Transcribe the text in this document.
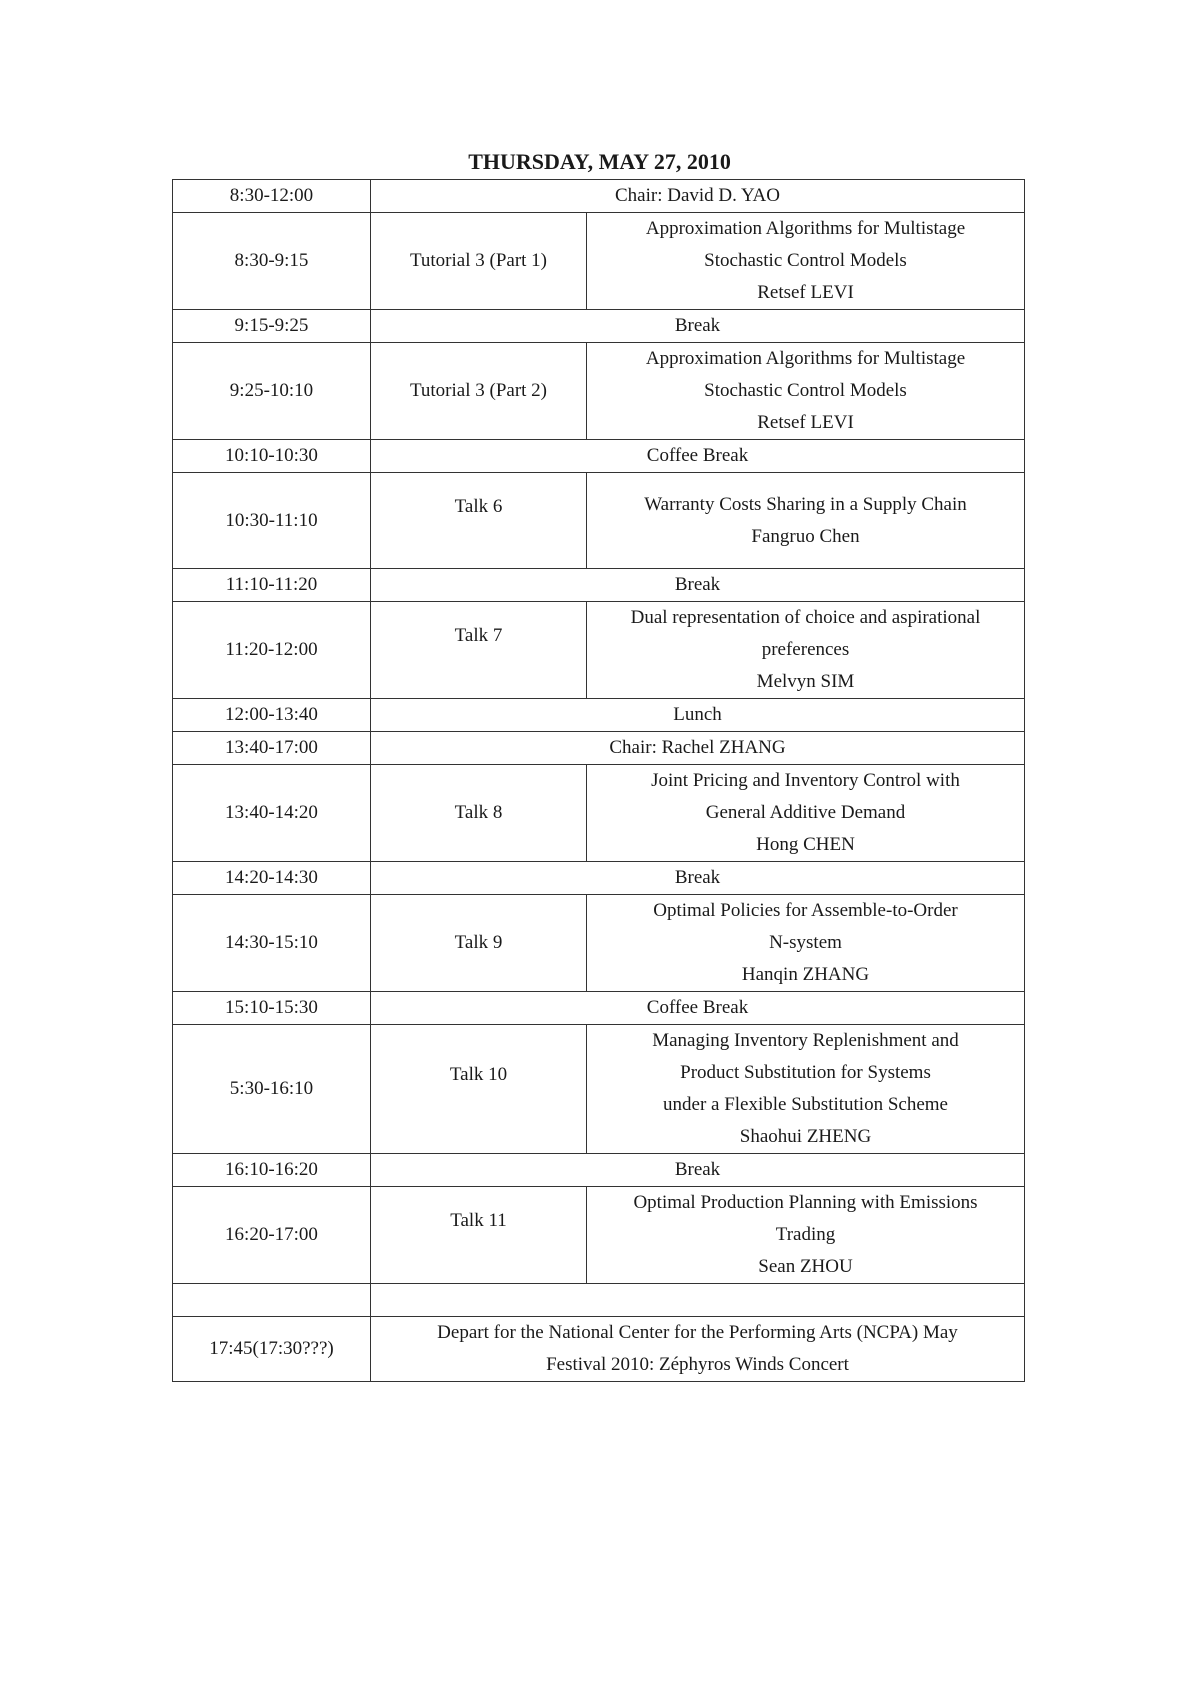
THURSDAY, MAY 27, 2010
8:30-12:00	Chair: David D. YAO	
8:30-9:15	Tutorial 3 (Part 1)	Approximation Algorithms for Multistage
Stochastic Control Models
Retsef LEVI

9:15-9:25	Break	
9:25-10:10	Tutorial 3 (Part 2)	Approximation Algorithms for Multistage
Stochastic Control Models
Retsef LEVI

10:10-10:30	Coffee Break	
10:30-11:10	Talk 6	Warranty Costs Sharing in a Supply Chain
Fangruo Chen

11:10-11:20	Break	
11:20-12:00	Talk 7	Dual representation of choice and aspirational
preferences
Melvyn SIM

12:00-13:40	Lunch	
13:40-17:00	Chair: Rachel ZHANG	
13:40-14:20	Talk 8	Joint Pricing and Inventory Control with
General Additive Demand
Hong CHEN

14:20-14:30	Break	
14:30-15:10	Talk 9	Optimal Policies for Assemble-to-Order
N-system
Hanqin ZHANG

15:10-15:30	Coffee Break	
5:30-16:10	Talk 10	Managing Inventory Replenishment and
Product Substitution for Systems
under a Flexible Substitution Scheme
Shaohui ZHENG

16:10-16:20	Break	
16:20-17:00	Talk 11	Optimal Production Planning with Emissions
Trading
Sean ZHOU

17:45(17:30???)	Depart for the National Center for the Performing Arts (NCPA) May
Festival 2010: Zéphyros Winds Concert	
